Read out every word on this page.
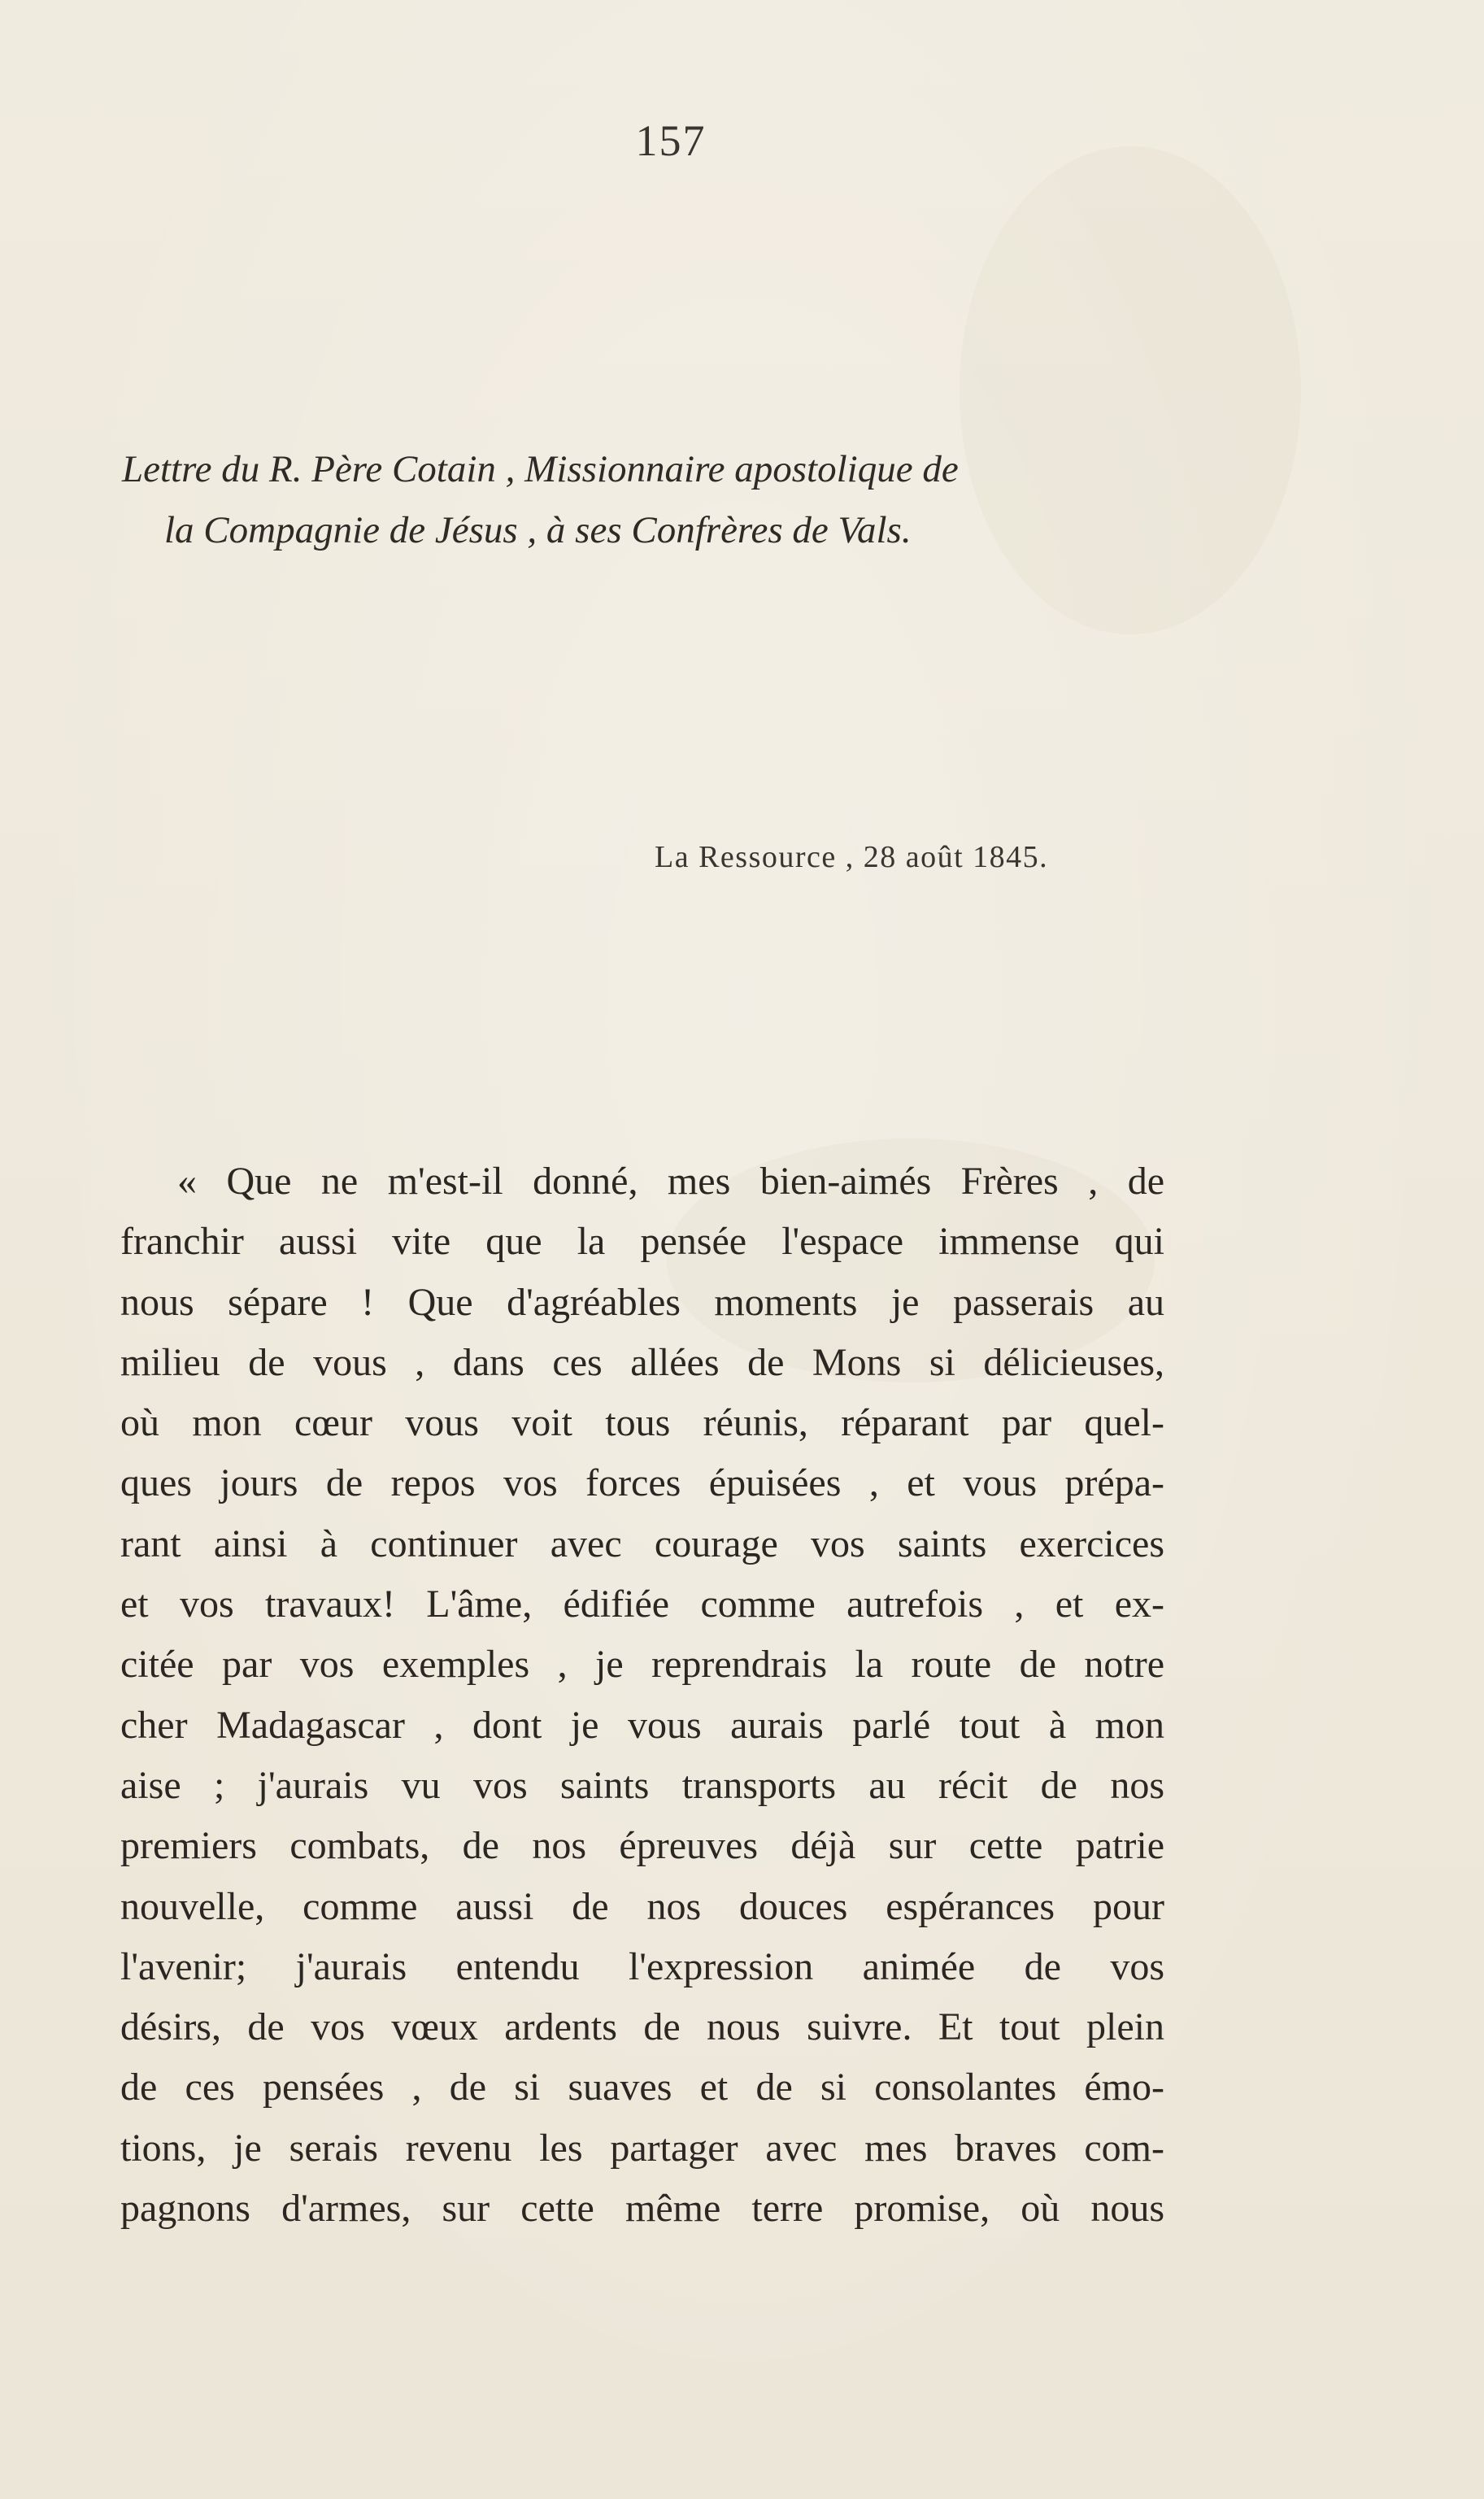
157
Lettre du R. Père Cotain , Missionnaire apostolique de
la Compagnie de Jésus , à ses Confrères de Vals.
La Ressource , 28 août 1845.
« Que ne m'est-il donné, mes bien-aimés Frères , de
franchir aussi vite que la pensée l'espace immense qui
nous sépare ! Que d'agréables moments je passerais au
milieu de vous , dans ces allées de Mons si délicieuses,
où mon cœur vous voit tous réunis, réparant par quel-
ques jours de repos vos forces épuisées , et vous prépa-
rant ainsi à continuer avec courage vos saints exercices
et vos travaux! L'âme, édifiée comme autrefois , et ex-
citée par vos exemples , je reprendrais la route de notre
cher Madagascar , dont je vous aurais parlé tout à mon
aise ; j'aurais vu vos saints transports au récit de nos
premiers combats, de nos épreuves déjà sur cette patrie
nouvelle, comme aussi de nos douces espérances pour
l'avenir; j'aurais entendu l'expression animée de vos
désirs, de vos vœux ardents de nous suivre. Et tout plein
de ces pensées , de si suaves et de si consolantes émo-
tions, je serais revenu les partager avec mes braves com-
pagnons d'armes, sur cette même terre promise, où nous
